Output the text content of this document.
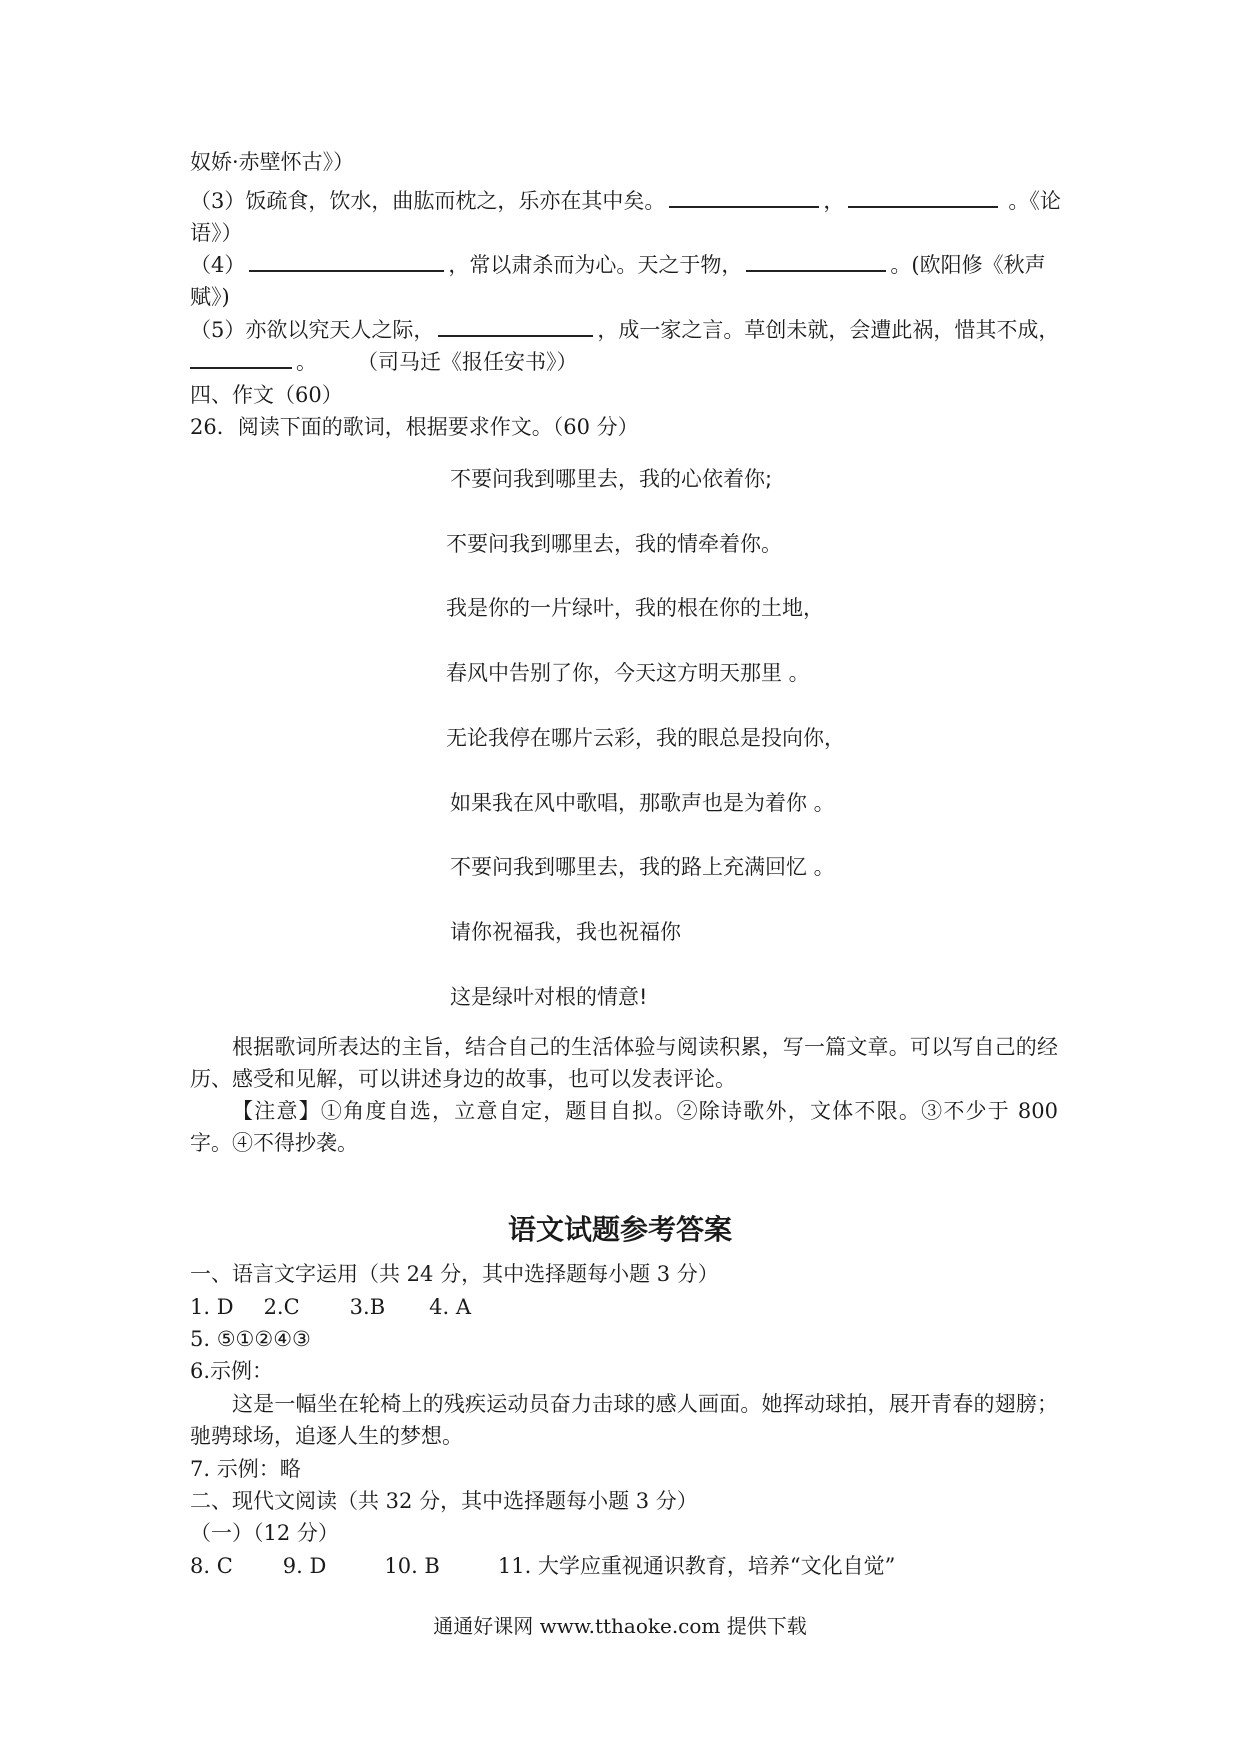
奴娇·赤壁怀古》）
（3）饭疏食，饮水，曲肱而枕之，乐亦在其中矣。	，	。《论
语》）
（4）	，常以肃杀而为心。天之于物，	。(欧阳修《秋声
赋》)
（5）亦欲以究天人之际，	，成一家之言。草创未就，会遭此祸，惜其不成，
。      （司马迁《报任安书》）
四、作文（60）
26．阅读下面的歌词，根据要求作文。（60 分）
不要问我到哪里去，我的心依着你;
不要问我到哪里去，我的情牵着你。
我是你的一片绿叶，我的根在你的土地，
春风中告别了你，今天这方明天那里 。
无论我停在哪片云彩，我的眼总是投向你，
如果我在风中歌唱，那歌声也是为着你 。
不要问我到哪里去，我的路上充满回忆 。
请你祝福我，我也祝福你
这是绿叶对根的情意!
根据歌词所表达的主旨，结合自己的生活体验与阅读积累，写一篇文章。可以写自己的经历、感受和见解，可以讲述身边的故事，也可以发表评论。
【注意】①角度自选，立意自定，题目自拟。②除诗歌外，文体不限。③不少于 800 字。④不得抄袭。
语文试题参考答案
一、语言文字运用（共 24 分，其中选择题每小题 3 分）
1. D 2.C 3.B 4. A
5. ⑤①②④③
6.示例：
这是一幅坐在轮椅上的残疾运动员奋力击球的感人画面。她挥动球拍，展开青春的翅膀；驰骋球场，追逐人生的梦想。
7. 示例：略
二、现代文阅读（共 32 分，其中选择题每小题 3 分）
（一）（12 分）
8. C 9. D	10. B	11. 大学应重视通识教育，培养“文化自觉”
通通好课网 www.tthaoke.com 提供下载
